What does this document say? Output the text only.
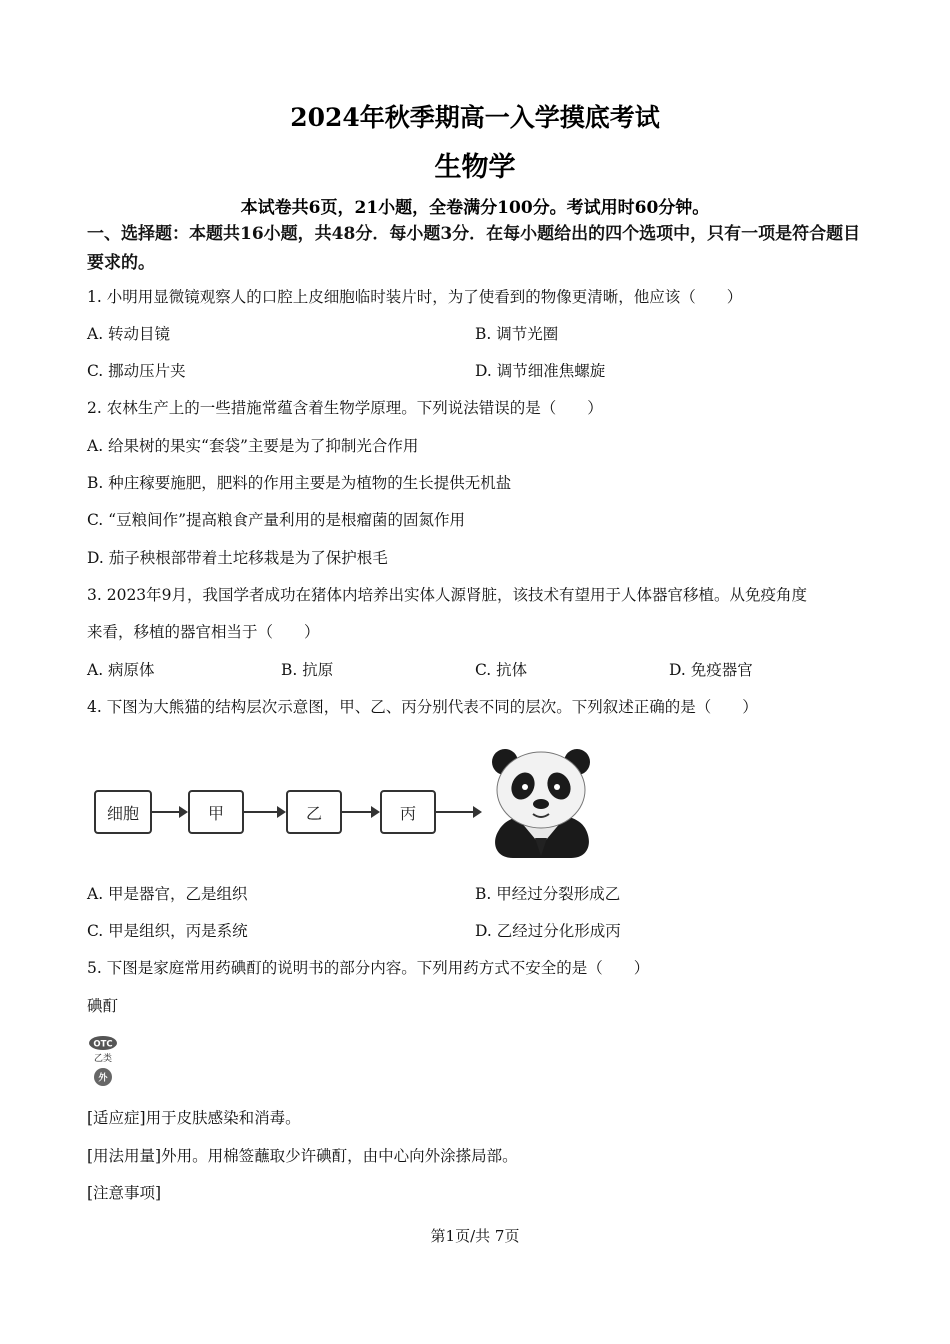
2024年秋季期高一入学摸底考试
生物学
本试卷共6页，21小题，全卷满分100分。考试用时60分钟。
一、选择题：本题共16小题，共48分．每小题3分．在每小题给出的四个选项中，只有一项是符合题目要求的。
1. 小明用显微镜观察人的口腔上皮细胞临时装片时，为了使看到的物像更清晰，他应该（　　）
A. 转动目镜	B. 调节光圈
C. 挪动压片夹	D. 调节细准焦螺旋
2. 农林生产上的一些措施常蕴含着生物学原理。下列说法错误的是（　　）
A. 给果树的果实“套袋”主要是为了抑制光合作用
B. 种庄稼要施肥，肥料的作用主要是为植物的生长提供无机盐
C. “豆粮间作”提高粮食产量利用的是根瘤菌的固氮作用
D. 茄子秧根部带着土坨移栽是为了保护根毛
3. 2023年9月，我国学者成功在猪体内培养出实体人源肾脏，该技术有望用于人体器官移植。从免疫角度
来看，移植的器官相当于（　　）
A. 病原体	B. 抗原	C. 抗体	D. 免疫器官
4. 下图为大熊猫的结构层次示意图，甲、乙、丙分别代表不同的层次。下列叙述正确的是（　　）
细胞	甲	乙	丙
A. 甲是器官，乙是组织	B. 甲经过分裂形成乙
C. 甲是组织，丙是系统	D. 乙经过分化形成丙
5. 下图是家庭常用药碘酊的说明书的部分内容。下列用药方式不安全的是（　　）
碘酊
OTC
乙类
外
[适应症]用于皮肤感染和消毒。
[用法用量]外用。用棉签蘸取少许碘酊，由中心向外涂搽局部。
[注意事项]
第1页/共 7页
